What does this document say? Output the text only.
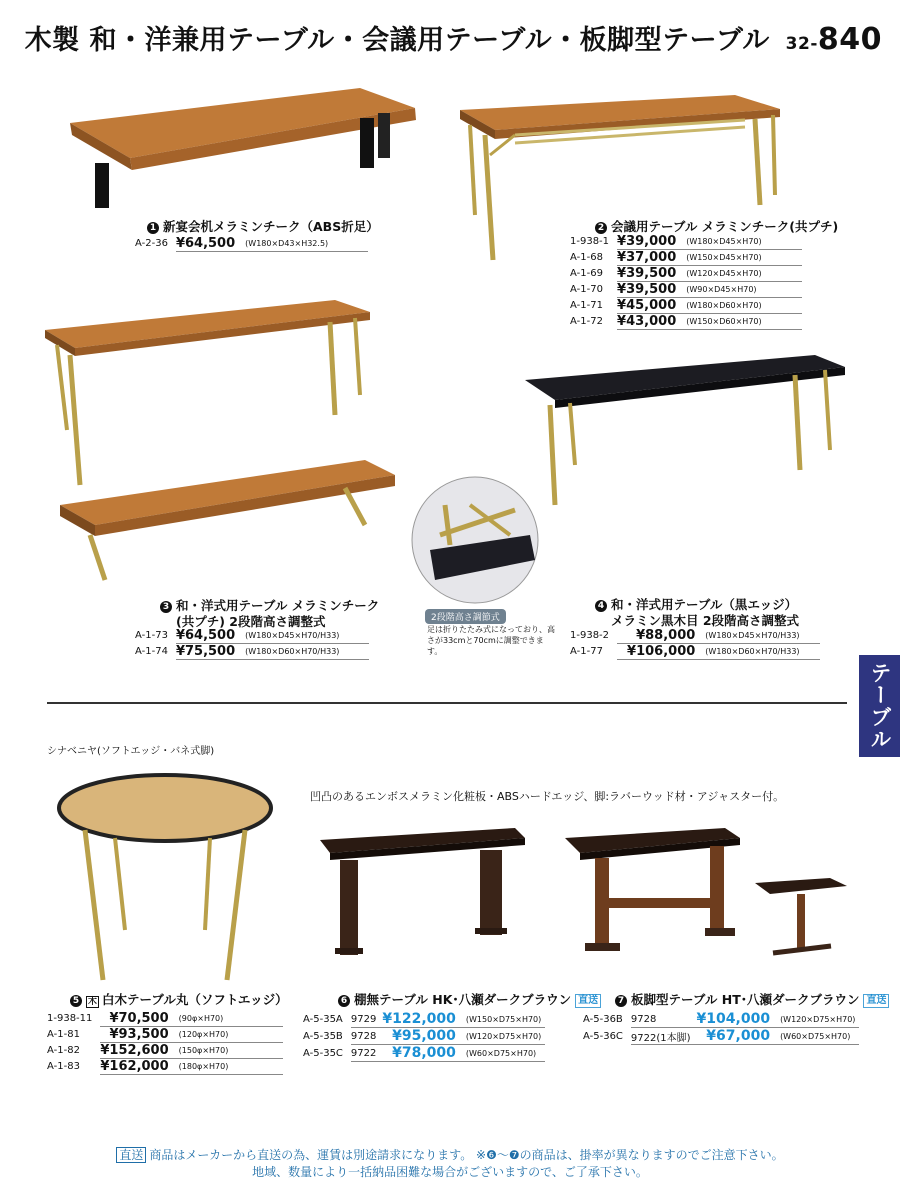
木製 和・洋兼用テーブル・会議用テーブル・板脚型テーブル 32-840
テーブル
1 新宴会机メラミンチーク（ABS折足）
A-2-36	¥64,500	(W180×D43×H32.5)
2 会議用テーブル メラミンチーク(共プチ)
1-938-1	¥39,000	(W180×D45×H70)
A-1-68	¥37,000	(W150×D45×H70)
A-1-69	¥39,500	(W120×D45×H70)
A-1-70	¥39,500	(W90×D45×H70)
A-1-71	¥45,000	(W180×D60×H70)
A-1-72	¥43,000	(W150×D60×H70)
3 和・洋式用テーブル メラミンチーク
(共プチ) 2段階高さ調整式
A-1-73	¥64,500	(W180×D45×H70/H33)
A-1-74	¥75,500	(W180×D60×H70/H33)
2段階高さ調節式
足は折りたたみ式になっており、高さが33cmと70cmに調整できます。
4 和・洋式用テーブル（黒エッジ）
メラミン黒木目 2段階高さ調整式
1-938-2	¥88,000	(W180×D45×H70/H33)
A-1-77	¥106,000	(W180×D60×H70/H33)
シナベニヤ(ソフトエッジ・バネ式脚)
凹凸のあるエンボスメラミン化粧板・ABSハードエッジ、脚:ラバーウッド材・アジャスター付。
5 木 白木テーブル丸（ソフトエッジ）
1-938-11	¥70,500	(90φ×H70)
A-1-81	¥93,500	(120φ×H70)
A-1-82	¥152,600	(150φ×H70)
A-1-83	¥162,000	(180φ×H70)
6 棚無テーブル HK･八瀬ダークブラウン 直送
A-5-35A	9729	¥122,000	(W150×D75×H70)
A-5-35B	9728	¥95,000	(W120×D75×H70)
A-5-35C	9722	¥78,000	(W60×D75×H70)
7 板脚型テーブル HT･八瀬ダークブラウン 直送
A-5-36B	9728	¥104,000	(W120×D75×H70)
A-5-36C	9722(1本脚)	¥67,000	(W60×D75×H70)
直送 商品はメーカーから直送の為、運賃は別途請求になります。 ※❻〜❼の商品は、掛率が異なりますのでご注意下さい。
地域、数量により一括納品困難な場合がございますので、ご了承下さい。
